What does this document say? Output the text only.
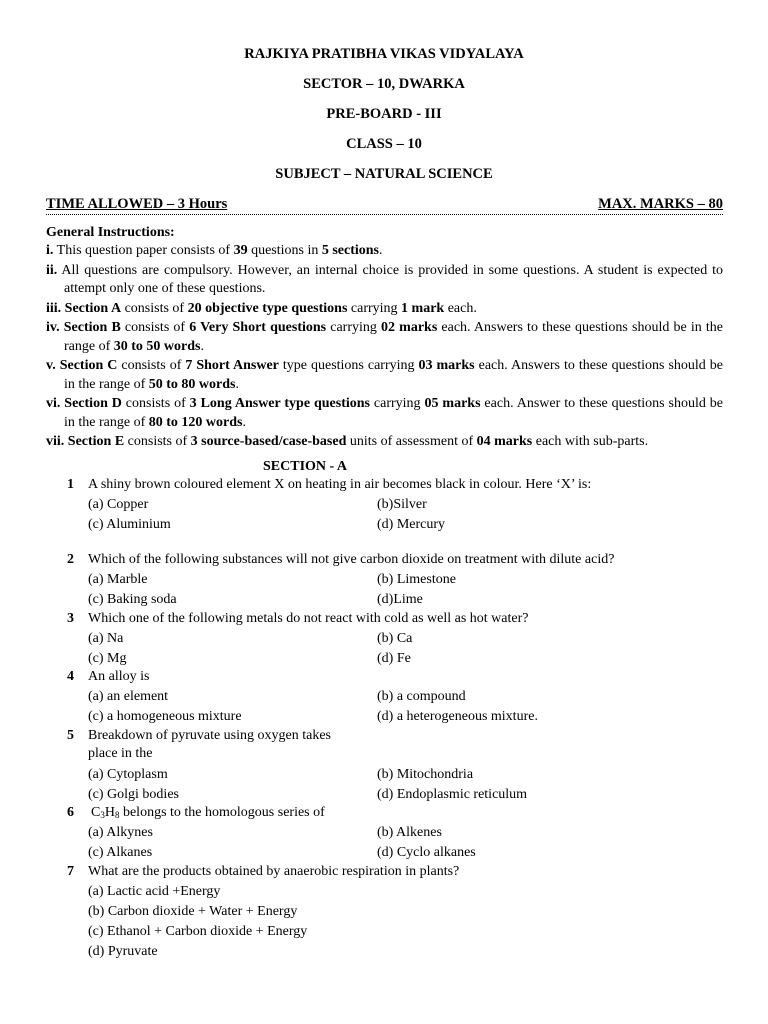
RAJKIYA PRATIBHA VIKAS VIDYALAYA
SECTOR – 10, DWARKA
PRE-BOARD - III
CLASS – 10
SUBJECT – NATURAL SCIENCE
TIME ALLOWED – 3 Hours	MAX. MARKS – 80
General Instructions:

i. This question paper consists of 39 questions in 5 sections.

ii. All questions are compulsory. However, an internal choice is provided in some questions. A student is expected to attempt only one of these questions.

iii. Section A consists of 20 objective type questions carrying 1 mark each.

iv. Section B consists of 6 Very Short questions carrying 02 marks each. Answers to these questions should be in the range of 30 to 50 words.

v. Section C consists of 7 Short Answer type questions carrying 03 marks each. Answers to these questions should be in the range of 50 to 80 words.

vi. Section D consists of 3 Long Answer type questions carrying 05 marks each. Answer to these questions should be in the range of 80 to 120 words.

vii. Section E consists of 3 source-based/case-based units of assessment of 04 marks each with sub-parts.

SECTION - A
1 A shiny brown coloured element X on heating in air becomes black in colour. Here ‘X’ is:
(a) Copper	(b)Silver
(c) Aluminium	(d) Mercury
2 Which of the following substances will not give carbon dioxide on treatment with dilute acid?
(a) Marble	(b) Limestone
(c) Baking soda	(d)Lime
3 Which one of the following metals do not react with cold as well as hot water?
(a) Na	(b) Ca
(c) Mg	(d) Fe
4 An alloy is
(a) an element	(b) a compound
(c) a homogeneous mixture	(d) a heterogeneous mixture.
5 Breakdown of pyruvate using oxygen takes
place in the
(a) Cytoplasm	(b) Mitochondria
(c) Golgi bodies	(d) Endoplasmic reticulum
6 $C_3H_8$ belongs to the homologous series of
(a) Alkynes	(b) Alkenes
(c) Alkanes	(d) Cyclo alkanes
7 What are the products obtained by anaerobic respiration in plants?
(a) Lactic acid +Energy
(b) Carbon dioxide + Water + Energy
(c) Ethanol + Carbon dioxide + Energy
(d) Pyruvate
